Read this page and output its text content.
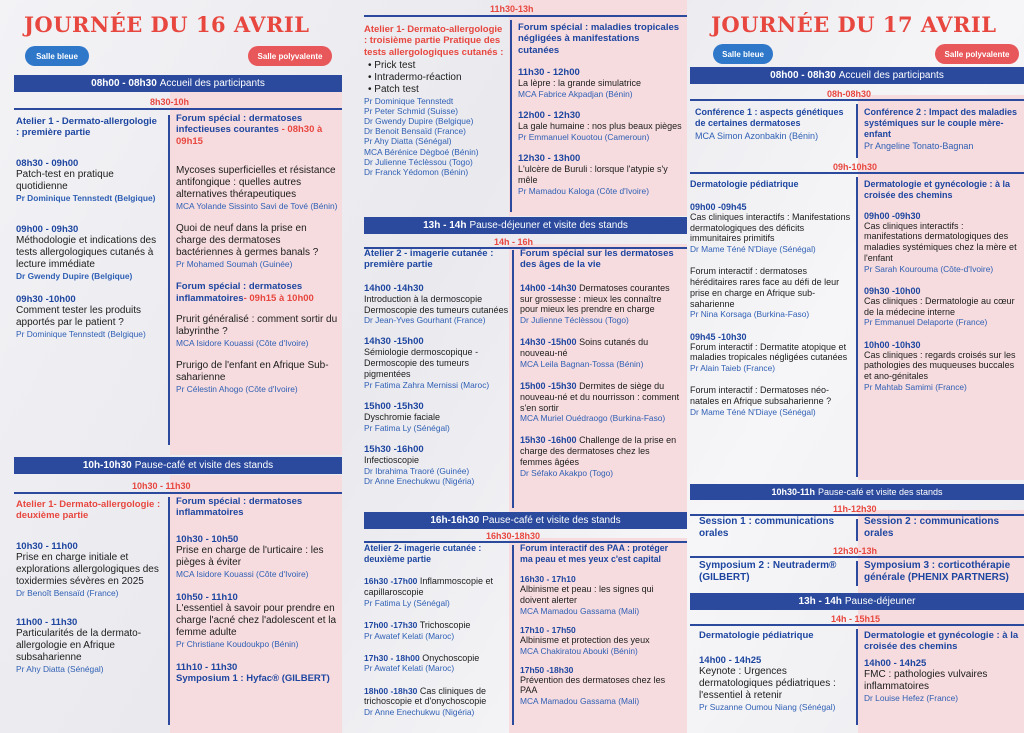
JOURNÉE DU 16 AVRIL
Salle bleue	Salle polyvalente
08h00 - 08h30 Accueil des participants
8h30-10h
Atelier 1 - Dermato-allergologie : première partie
08h30 - 09h00
Patch-test en pratique quotidienne
Pr Dominique Tennstedt (Belgique)
09h00 - 09h30
Méthodologie et indications des tests allergologiques cutanés à lecture immédiate
Dr Gwendy Dupire (Belgique)
09h30 -10h00
Comment tester les produits apportés par le patient ?
Pr Dominique Tennstedt (Belgique)
Forum spécial : dermatoses infectieuses courantes - 08h30 à 09h15
Mycoses superficielles et résistance antifongique : quelles autres alternatives thérapeutiques
MCA Yolande Sissinto Savi de Tové (Bénin)
Quoi de neuf dans la prise en charge des dermatoses bactériennes à germes banals ?
Pr Mohamed Soumah (Guinée)
Forum spécial : dermatoses inflammatoires- 09h15 à 10h00
Prurit généralisé : comment sortir du labyrinthe ?
MCA Isidore Kouassi (Côte d'Ivoire)
Prurigo de l'enfant en Afrique Sub-saharienne
Pr Célestin Ahogo (Côte d'Ivoire)
10h-10h30 Pause-café et visite des stands
10h30 - 11h30
Atelier 1- Dermato-allergologie : deuxième partie
10h30 - 11h00
Prise en charge initiale et explorations allergologiques des toxidermies sévères en 2025
Dr Benoît Bensaïd (France)
11h00 - 11h30
Particularités de la dermato-allergologie en Afrique subsaharienne
Pr Ahy Diatta (Sénégal)
Forum spécial : dermatoses inflammatoires
10h30 - 10h50
Prise en charge de l'urticaire : les pièges à éviter
MCA Isidore Kouassi (Côte d'Ivoire)
10h50 - 11h10
L'essentiel à savoir pour prendre en charge l'acné chez l'adolescent et la femme adulte
Pr Christiane Koudoukpo (Bénin)
11h10 - 11h30
Symposium 1 : Hyfac® (GILBERT)
11h30-13h
Atelier 1- Dermato-allergologie : troisième partie Pratique des tests allergologiques cutanés :
• Prick test
• Intradermo-réaction
• Patch test
Pr Dominique Tennstedt
Pr Peter Schmid (Suisse)
Dr Gwendy Dupire (Belgique)
Dr Benoit Bensaïd (France)
Pr Ahy Diatta (Sénégal)
MCA Bérénice Dègboé (Bénin)
Dr Julienne Téclèssou (Togo)
Dr Franck Yédomon (Bénin)
Forum spécial : maladies tropicales négligées à manifestations cutanées
11h30 - 12h00
La lèpre : la grande simulatrice
MCA Fabrice Akpadjan (Bénin)
12h00 - 12h30
La gale humaine : nos plus beaux pièges
Pr Emmanuel Kouotou (Cameroun)
12h30 - 13h00
L'ulcère de Buruli : lorsque l'atypie s'y mêle
Pr Mamadou Kaloga (Côte d'Ivoire)
13h - 14h Pause-déjeuner et visite des stands
14h - 16h
Atelier 2 - imagerie cutanée : première partie
14h00 -14h30
Introduction à la dermoscopie Dermoscopie des tumeurs cutanées
Dr Jean-Yves Gourhant (France)
14h30 -15h00
Sémiologie dermoscopique - Dermoscopie des tumeurs pigmentées
Pr Fatima Zahra Mernissi (Maroc)
15h00 -15h30
Dyschromie faciale
Pr Fatima Ly (Sénégal)
15h30 -16h00
Infectioscopie
Dr Ibrahima Traoré (Guinée)
Dr Anne Enechukwu (Nigéria)
Forum spécial sur les dermatoses des âges de la vie
14h00 -14h30 Dermatoses courantes sur grossesse : mieux les connaître pour mieux les prendre en charge
Dr Julienne Téclèssou (Togo)
14h30 -15h00 Soins cutanés du nouveau-né
MCA Leila Bagnan-Tossa (Bénin)
15h00 -15h30 Dermites de siège du nouveau-né et du nourrisson : comment s'en sortir
MCA Muriel Ouédraogo (Burkina-Faso)
15h30 -16h00 Challenge de la prise en charge des dermatoses chez les femmes âgées
Dr Séfako Akakpo (Togo)
16h-16h30 Pause-café et visite des stands
16h30-18h30
Atelier 2- imagerie cutanée : deuxième partie
16h30 -17h00 Inflammoscopie et capillaroscopie
Pr Fatima Ly (Sénégal)
17h00 -17h30 Trichoscopie
Pr Awatef Kelati (Maroc)
17h30 - 18h00 Onychoscopie
Pr Awatef Kelati (Maroc)
18h00 -18h30 Cas cliniques de trichoscopie et d'onychoscopie
Dr Anne Enechukwu (Nigéria)
Forum interactif des PAA : protéger ma peau et mes yeux c'est capital
16h30 - 17h10
Albinisme et peau : les signes qui doivent alerter
MCA Mamadou Gassama (Mali)
17h10 - 17h50
Albinisme et protection des yeux
MCA Chakiratou Abouki (Bénin)
17h50 -18h30
Prévention des dermatoses chez les PAA
MCA Mamadou Gassama (Mali)
JOURNÉE DU 17 AVRIL
Salle bleue	Salle polyvalente
08h00 - 08h30 Accueil des participants
08h-08h30
Conférence 1 : aspects génétiques de certaines dermatoses
MCA Simon Azonbakin (Bénin)
Conférence 2 : Impact des maladies systémiques sur le couple mère-enfant
Pr Angeline Tonato-Bagnan
09h-10h30
Dermatologie pédiatrique
09h00 -09h45
Cas cliniques interactifs : Manifestations dermatologiques des déficits immunitaires primitifs
Dr Mame Téné N'Diaye (Sénégal)
Forum interactif : dermatoses héréditaires rares face au défi de leur prise en charge en Afrique sub-saharienne
Pr Nina Korsaga (Burkina-Faso)
09h45 -10h30
Forum interactif : Dermatite atopique et maladies tropicales négligées cutanées
Pr Alain Taieb (France)
Forum interactif : Dermatoses néo-natales en Afrique subsaharienne ?
Dr Mame Téné N'Diaye (Sénégal)
Dermatologie et gynécologie : à la croisée des chemins
09h00 -09h30
Cas cliniques interactifs : manifestations dermatologiques des maladies systémiques chez la mère et l'enfant
Pr Sarah Kourouma (Côte-d'Ivoire)
09h30 -10h00
Cas cliniques : Dermatologie au cœur de la médecine interne
Pr Emmanuel Delaporte (France)
10h00 -10h30
Cas cliniques : regards croisés sur les pathologies des muqueuses buccales et ano-génitales
Pr Mahtab Samimi (France)
10h30-11h Pause-café et visite des stands
11h-12h30
Session 1 : communications orales
Session 2 : communications orales
12h30-13h
Symposium 2 : Neutraderm® (GILBERT)
Symposium 3 : corticothérapie générale (PHENIX PARTNERS)
13h - 14h Pause-déjeuner
14h - 15h15
Dermatologie pédiatrique
14h00 - 14h25
Keynote : Urgences dermatologiques pédiatriques : l'essentiel à retenir
Pr Suzanne Oumou Niang (Sénégal)
Dermatologie et gynécologie : à la croisée des chemins
14h00 - 14h25
FMC : pathologies vulvaires inflammatoires
Dr Louise Hefez (France)
